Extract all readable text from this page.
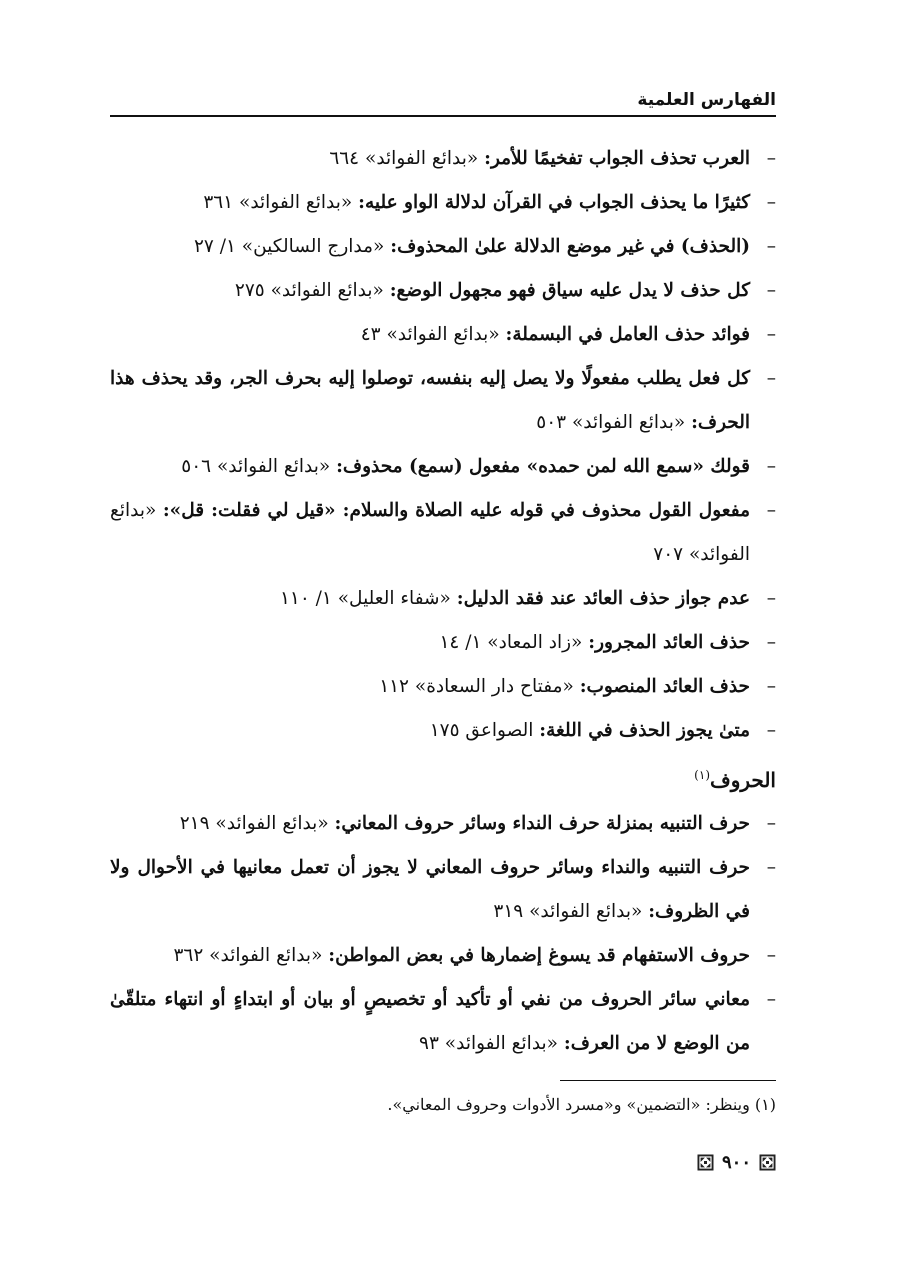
الفهارس العلمية
– العرب تحذف الجواب تفخيمًا للأمر: «بدائع الفوائد» ٦٦٤
– كثيرًا ما يحذف الجواب في القرآن لدلالة الواو عليه: «بدائع الفوائد» ٣٦١
– (الحذف) في غير موضع الدلالة علىٰ المحذوف: «مدارج السالكين» ١/ ٢٧
– كل حذف لا يدل عليه سياق فهو مجهول الوضع: «بدائع الفوائد» ٢٧٥
– فوائد حذف العامل في البسملة: «بدائع الفوائد» ٤٣
– كل فعل يطلب مفعولًا ولا يصل إليه بنفسه، توصلوا إليه بحرف الجر، وقد يحذف هذا الحرف: «بدائع الفوائد» ٥٠٣
– قولك «سمع الله لمن حمده» مفعول (سمع) محذوف: «بدائع الفوائد» ٥٠٦
– مفعول القول محذوف في قوله عليه الصلاة والسلام: «قيل لي فقلت: قل»: «بدائع الفوائد» ٧٠٧
– عدم جواز حذف العائد عند فقد الدليل: «شفاء العليل» ١/ ١١٠
– حذف العائد المجرور: «زاد المعاد» ١/ ١٤
– حذف العائد المنصوب: «مفتاح دار السعادة» ١١٢
– متىٰ يجوز الحذف في اللغة: الصواعق ١٧٥
الحروف$^{(١)}$
– حرف التنبيه بمنزلة حرف النداء وسائر حروف المعاني: «بدائع الفوائد» ٢١٩
– حرف التنبيه والنداء وسائر حروف المعاني لا يجوز أن تعمل معانيها في الأحوال ولا في الظروف: «بدائع الفوائد» ٣١٩
– حروف الاستفهام قد يسوغ إضمارها في بعض المواطن: «بدائع الفوائد» ٣٦٢
– معاني سائر الحروف من نفي أو تأكيد أو تخصيصٍ أو بيان أو ابتداءٍ أو انتهاء متلقّىٰ من الوضع لا من العرف: «بدائع الفوائد» ٩٣
(١) وينظر: «التضمين» و«مسرد الأدوات وحروف المعاني».
٩٠٠
